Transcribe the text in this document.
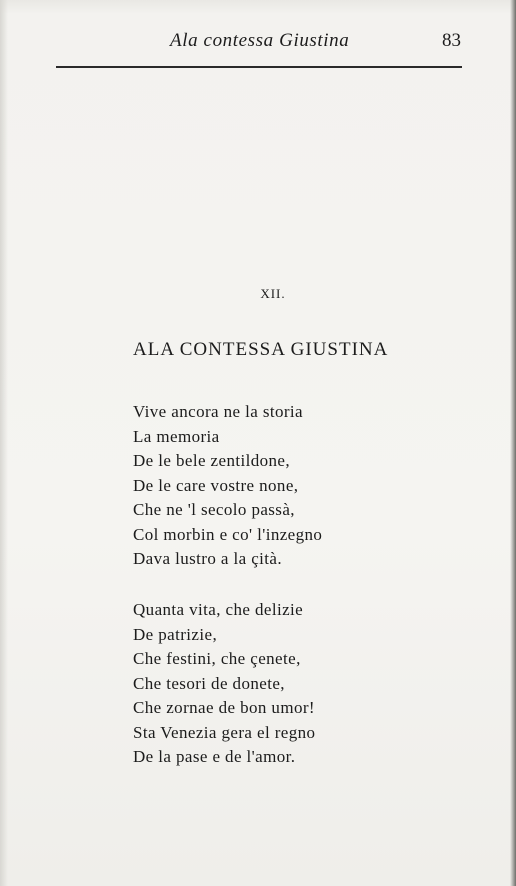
Ala contessa Giustina	83
XII.
ALA CONTESSA GIUSTINA
Vive ancora ne la storia
La memoria
De le bele zentildone,
De le care vostre none,
Che ne 'l secolo passà,
Col morbin e co' l'inzegno
Dava lustro a la çità.
Quanta vita, che delizie
De patrizie,
Che festini, che çenete,
Che tesori de donete,
Che zornae de bon umor!
Sta Venezia gera el regno
De la pase e de l'amor.
